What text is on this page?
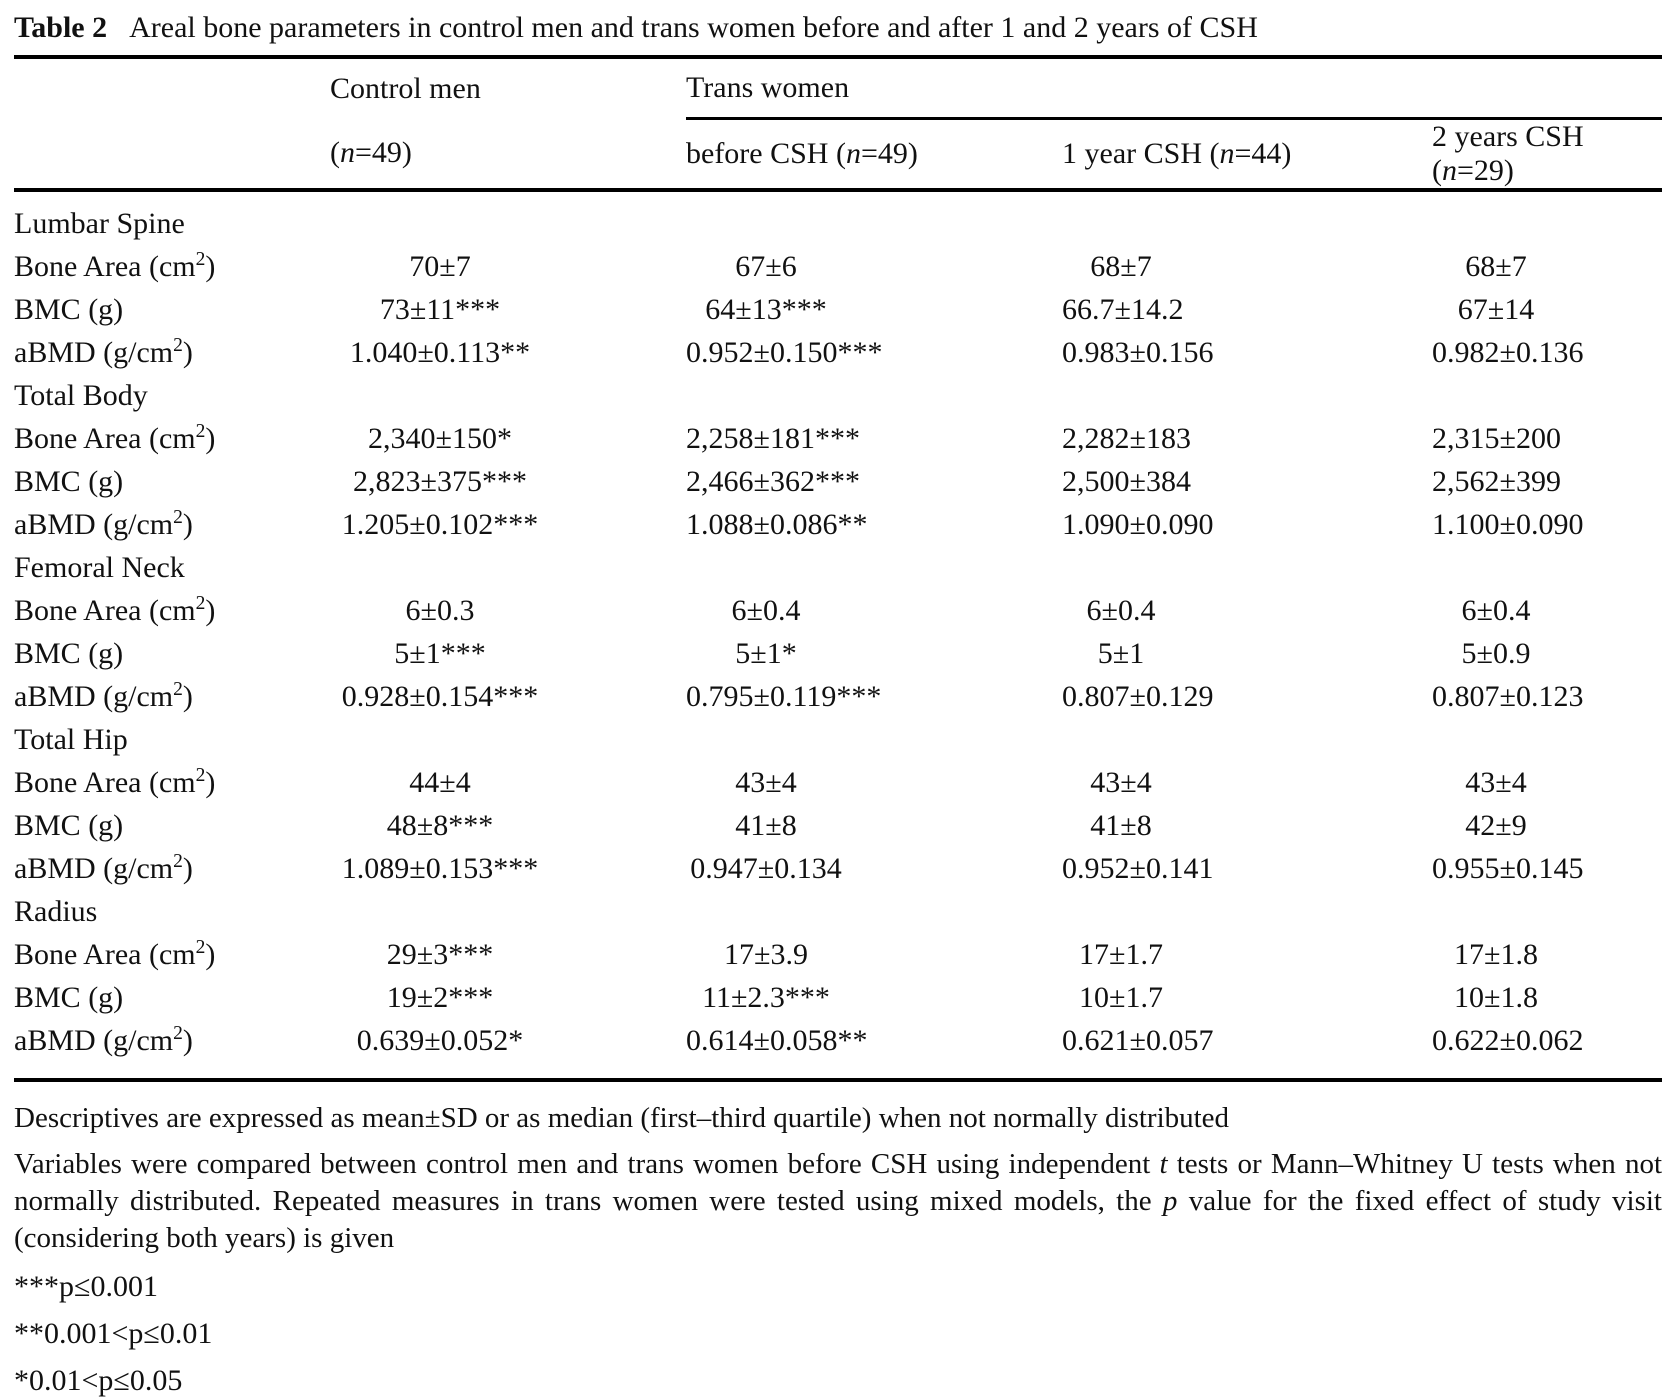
Table 2 Areal bone parameters in control men and trans women before and after 1 and 2 years of CSH
	Control men	Trans women		
	(n=49)	before CSH (n=49)	1 year CSH (n=44)	2 years CSH (n=29)
Lumbar Spine				
Bone Area $(cm^2)$	70±7	67±6	68±7	68±7
BMC (g)	73±11***	64±13***	66.7±14.2	67±14
aBMD $(g/cm^2)$	1.040±0.113**	0.952±0.150***	0.983±0.156	0.982±0.136
Total Body				
Bone Area $(cm^2)$	2,340±150*	2,258±181***	2,282±183	2,315±200
BMC (g)	2,823±375***	2,466±362***	2,500±384	2,562±399
aBMD $(g/cm^2)$	1.205±0.102***	1.088±0.086**	1.090±0.090	1.100±0.090
Femoral Neck				
Bone Area $(cm^2)$	6±0.3	6±0.4	6±0.4	6±0.4
BMC (g)	5±1***	5±1*	5±1	5±0.9
aBMD $(g/cm^2)$	0.928±0.154***	0.795±0.119***	0.807±0.129	0.807±0.123
Total Hip				
Bone Area $(cm^2)$	44±4	43±4	43±4	43±4
BMC (g)	48±8***	41±8	41±8	42±9
aBMD $(g/cm^2)$	1.089±0.153***	0.947±0.134	0.952±0.141	0.955±0.145
Radius				
Bone Area $(cm^2)$	29±3***	17±3.9	17±1.7	17±1.8
BMC (g)	19±2***	11±2.3***	10±1.7	10±1.8
aBMD $(g/cm^2)$	0.639±0.052*	0.614±0.058**	0.621±0.057	0.622±0.062
Descriptives are expressed as mean±SD or as median (first–third quartile) when not normally distributed
Variables were compared between control men and trans women before CSH using independent t tests or Mann–Whitney U tests when not normally distributed. Repeated measures in trans women were tested using mixed models, the p value for the fixed effect of study visit (considering both years) is given
***p≤0.001
**0.001<p≤0.01
*0.01<p≤0.05
